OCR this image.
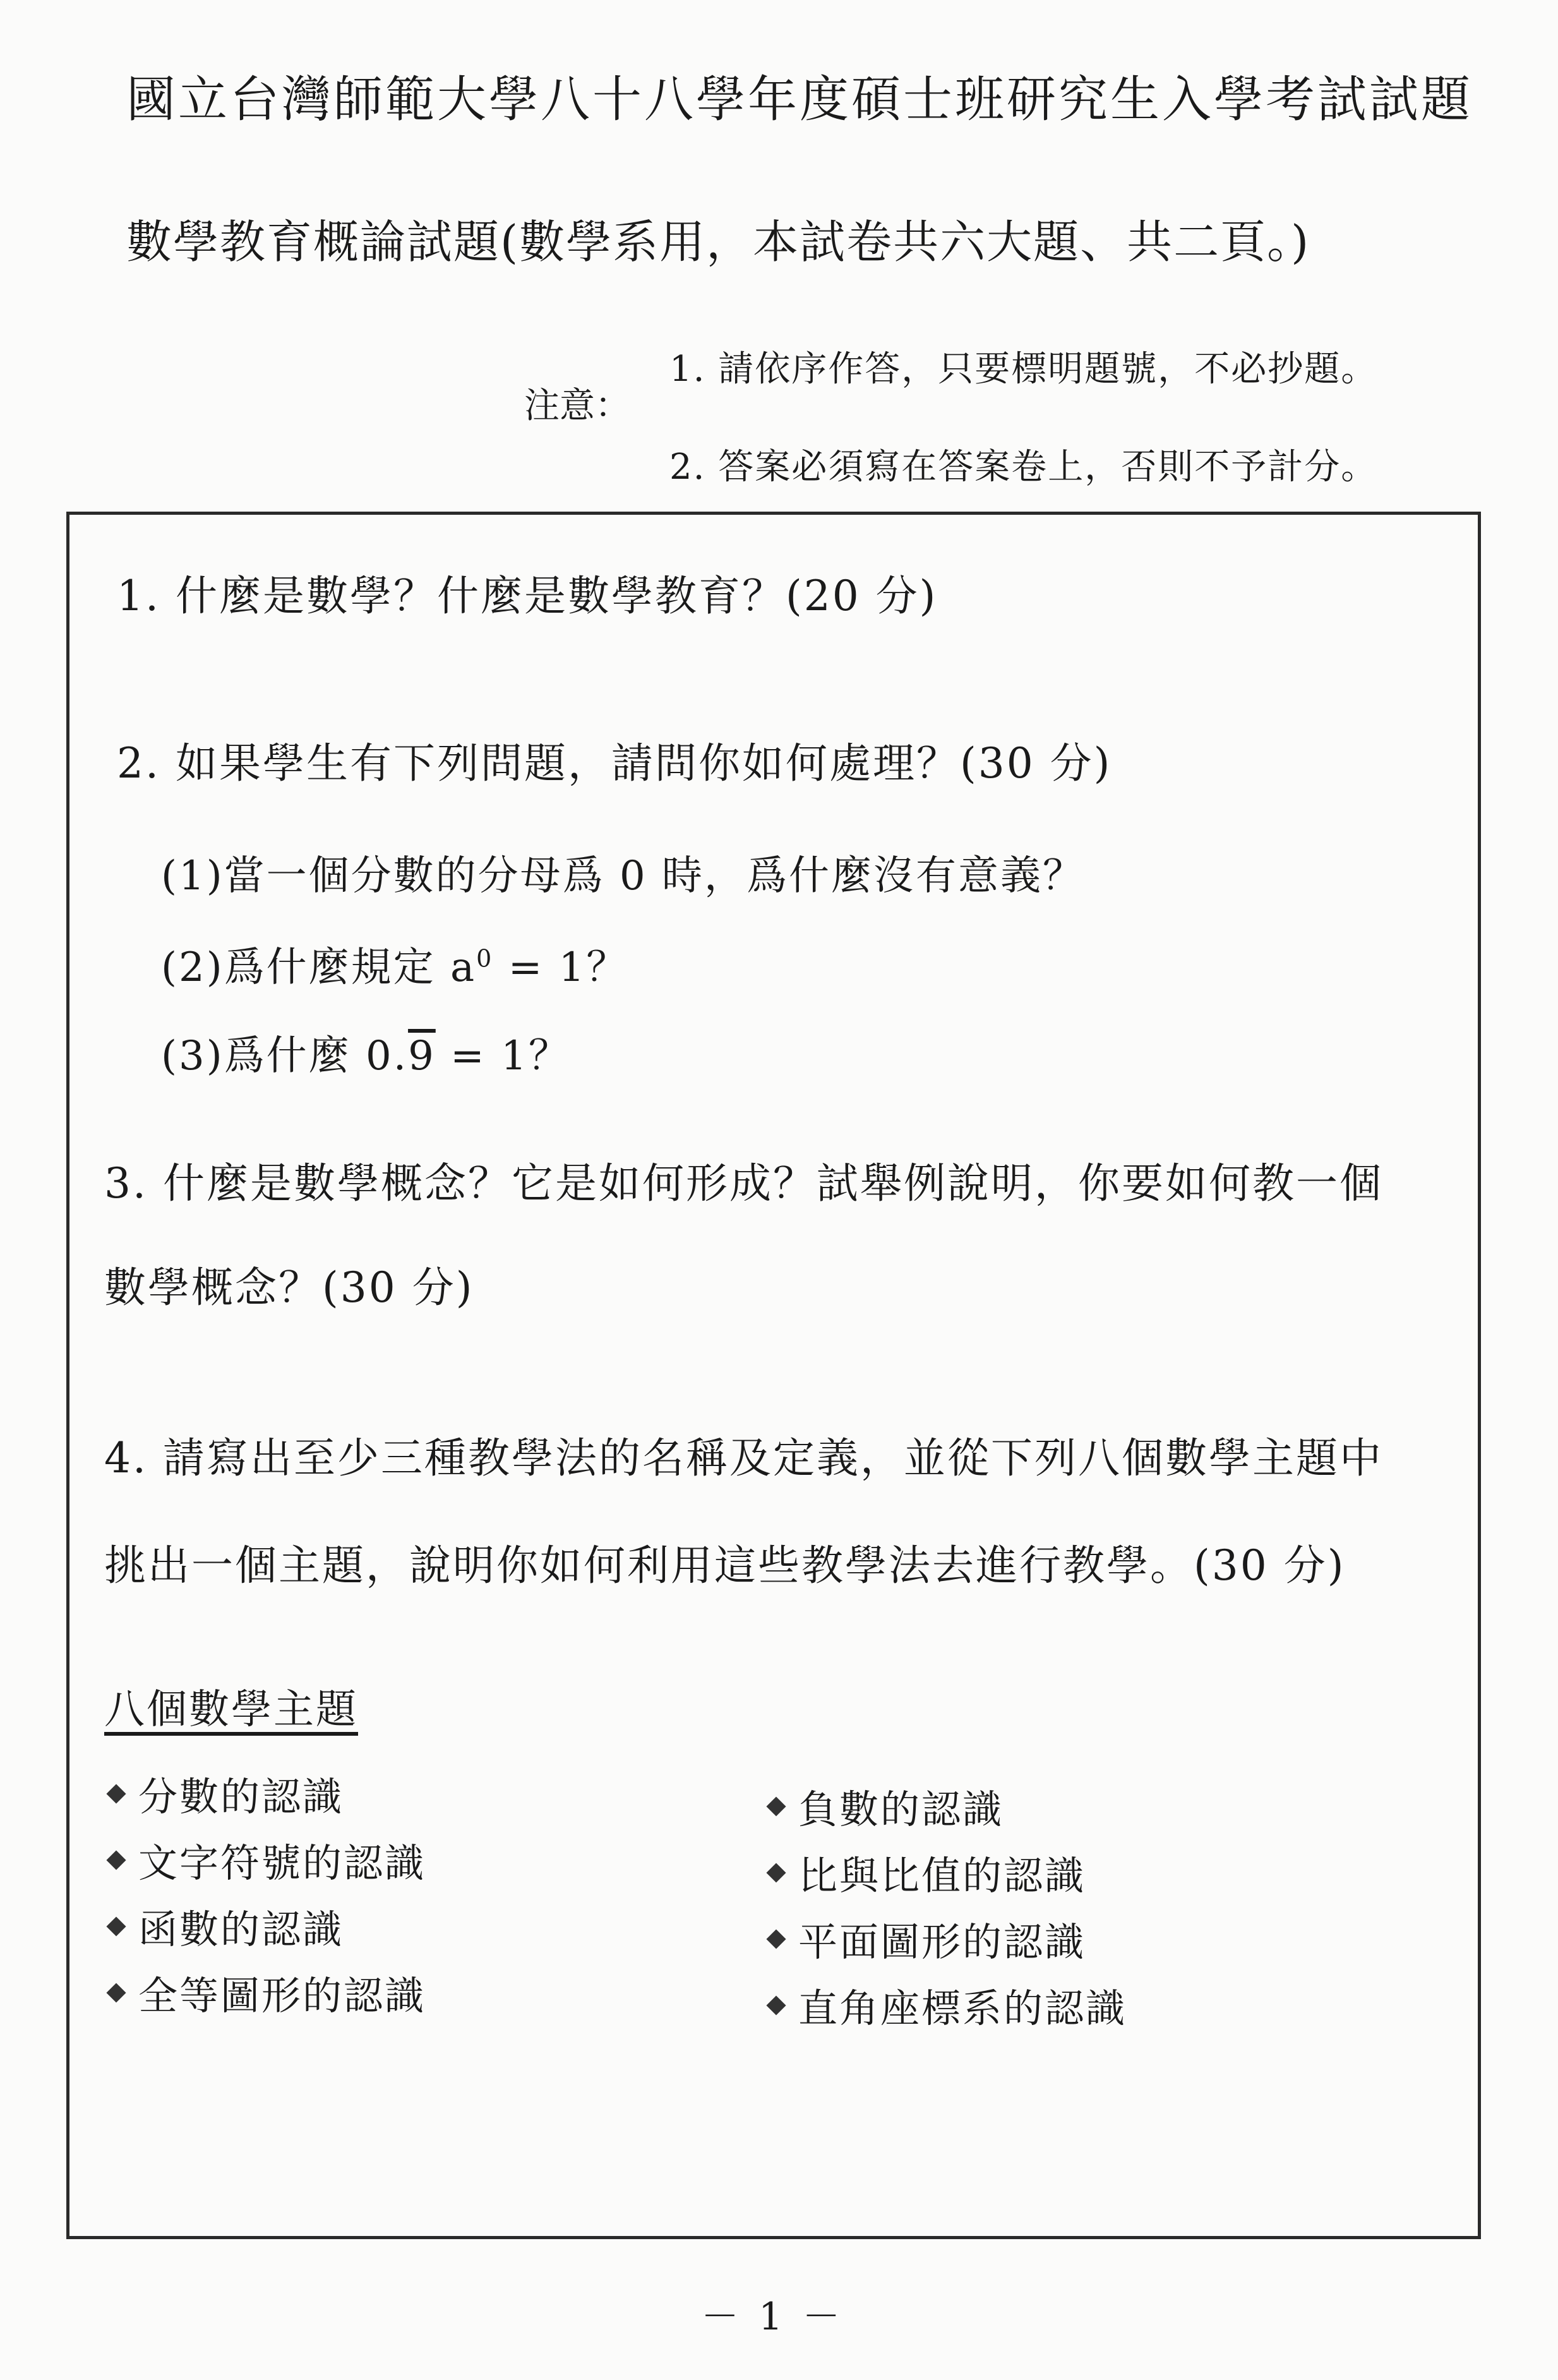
國立台灣師範大學八十八學年度碩士班研究生入學考試試題
數學教育概論試題(數學系用，本試卷共六大題、共二頁。)
注意：
1. 請依序作答，只要標明題號，不必抄題。
2. 答案必須寫在答案卷上，否則不予計分。
1. 什麼是數學？什麼是數學教育？(20 分)
2. 如果學生有下列問題，請問你如何處理？(30 分)
(1)當一個分數的分母爲 0 時，爲什麼沒有意義？
(2)爲什麼規定 $a^0 = 1$？
(3)爲什麼 0.9 = 1？
3. 什麼是數學概念？它是如何形成？試舉例說明，你要如何教一個
數學概念？(30 分)
4. 請寫出至少三種教學法的名稱及定義，並從下列八個數學主題中
挑出一個主題，說明你如何利用這些教學法去進行教學。(30 分)
八個數學主題
分數的認識
文字符號的認識
函數的認識
全等圖形的認識
負數的認識
比與比值的認識
平面圖形的認識
直角座標系的認識
－ 1 －
